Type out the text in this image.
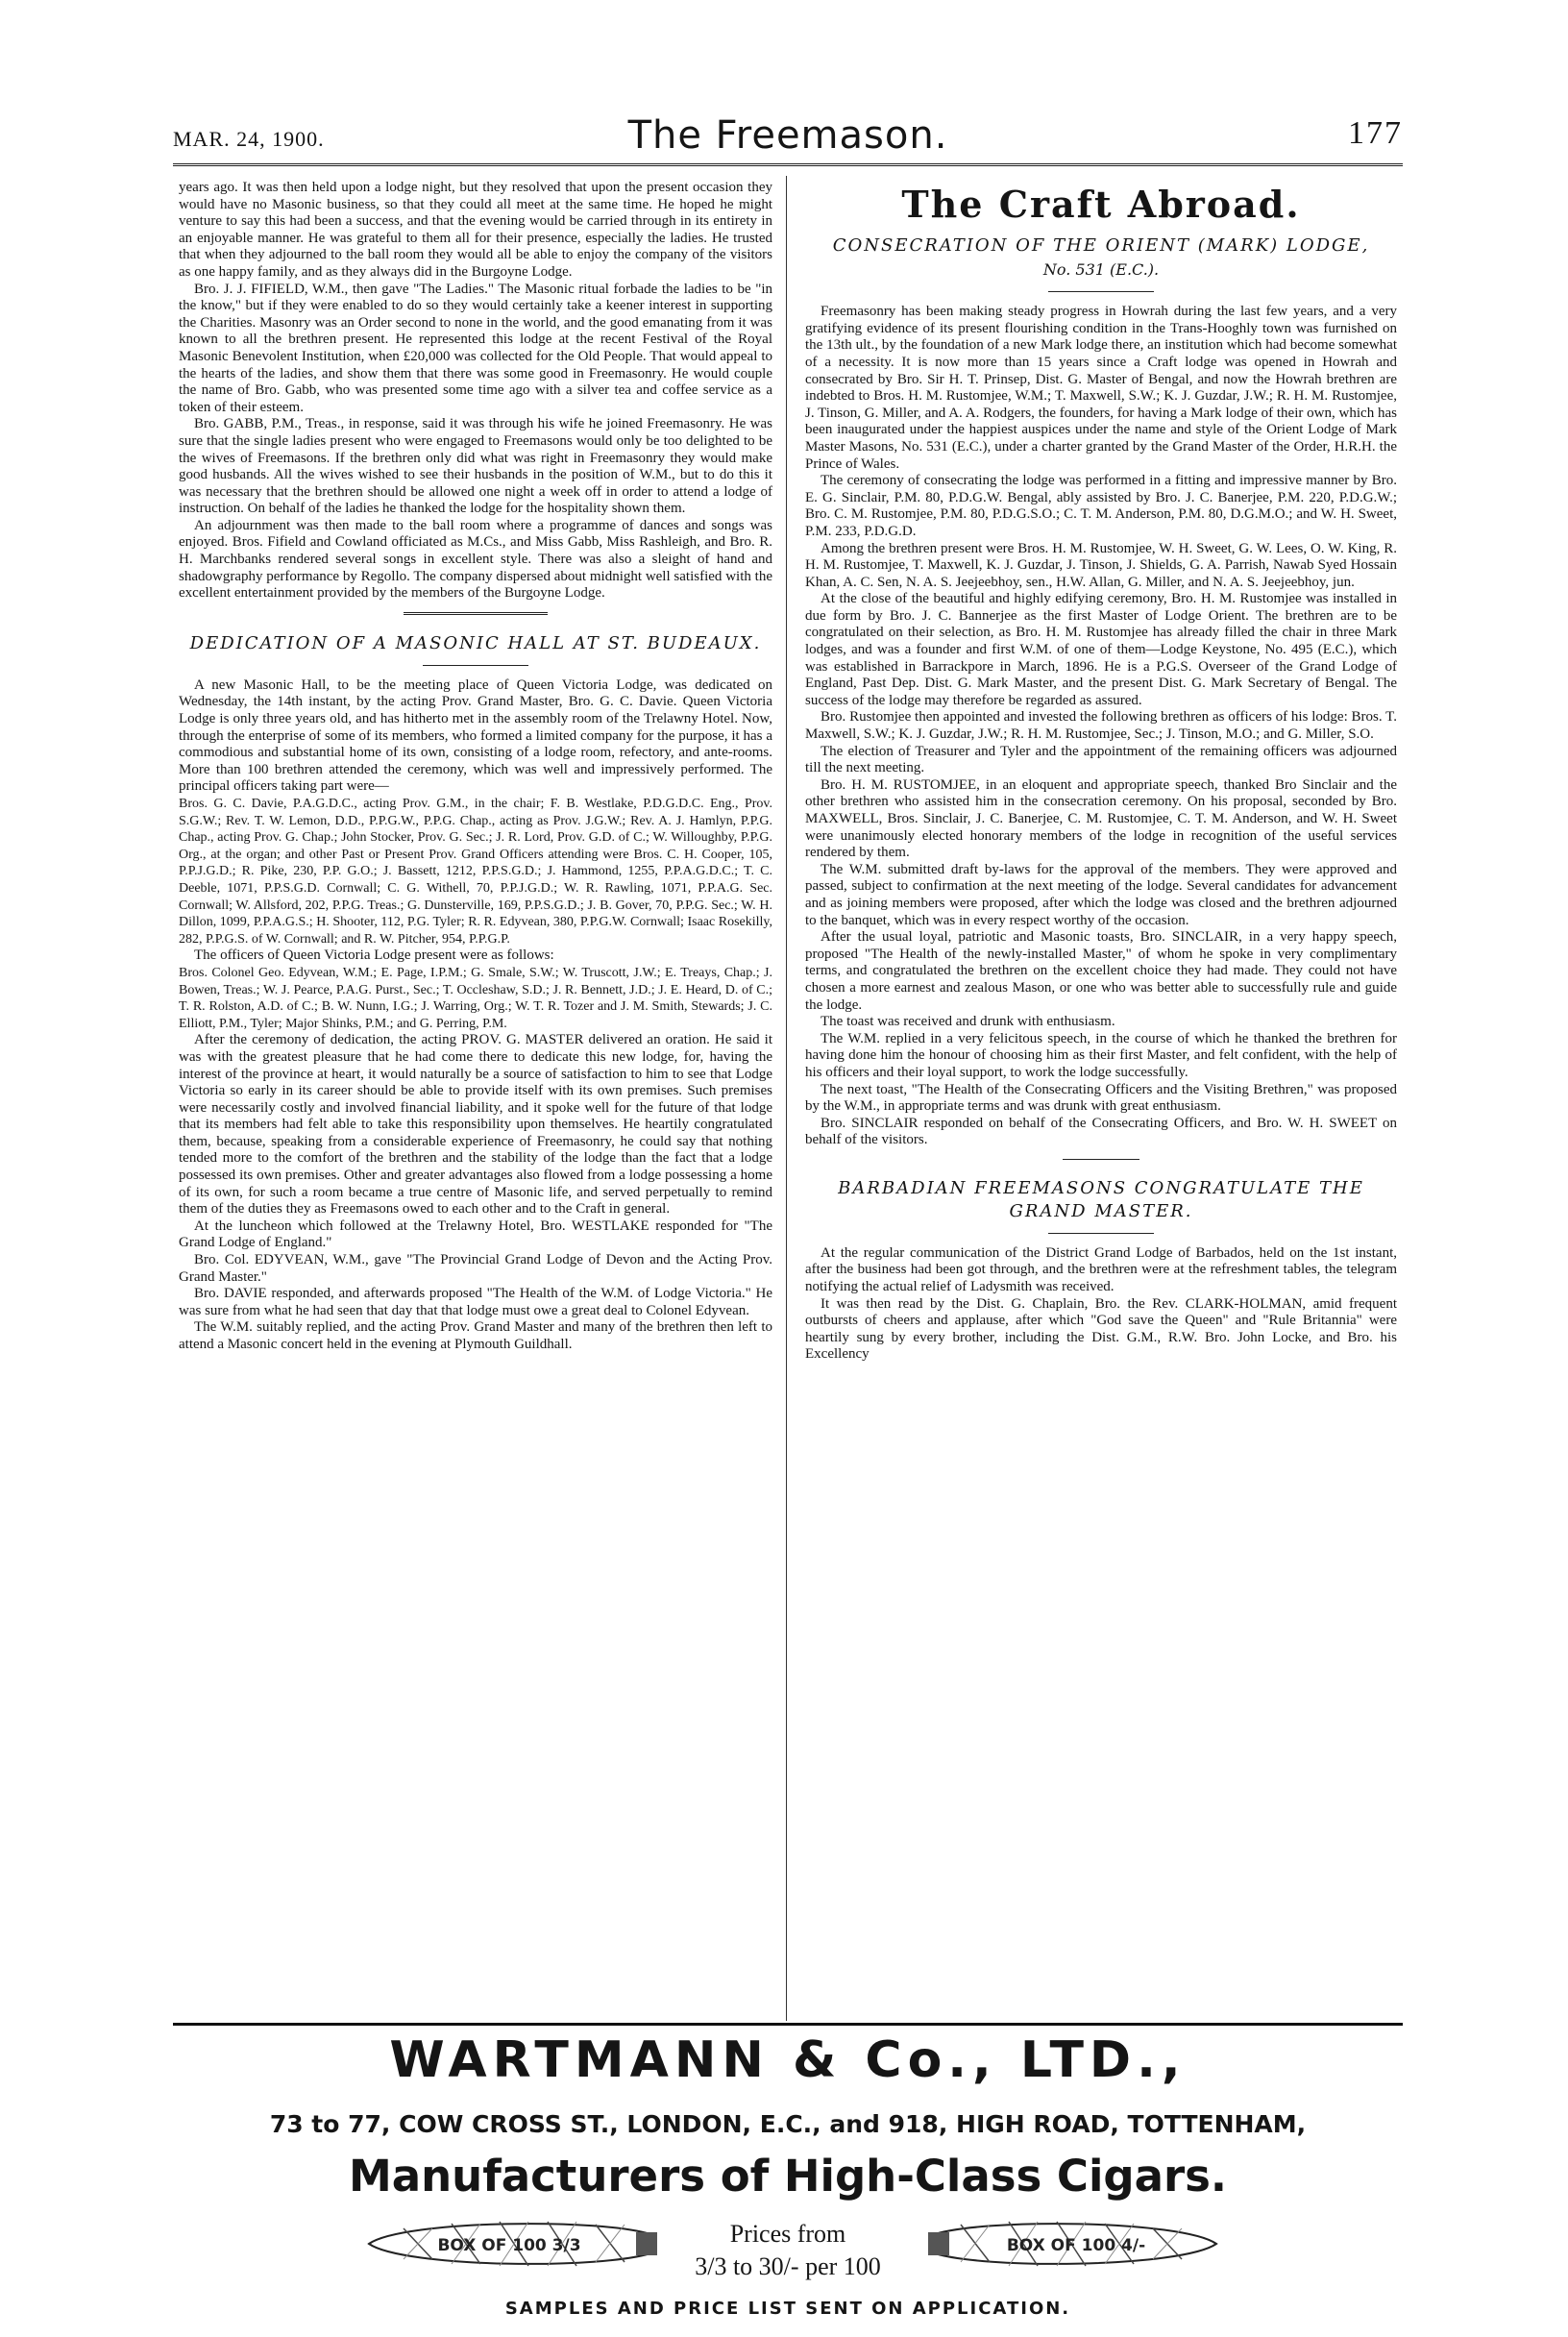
MAR. 24, 1900.	The Freemason.	177

years ago. It was then held upon a lodge night, but they resolved that upon the present occasion they would have no Masonic business, so that they could all meet at the same time. He hoped he might venture to say this had been a success, and that the evening would be carried through in its entirety in an enjoyable manner. He was grateful to them all for their presence, especially the ladies. He trusted that when they adjourned to the ball room they would all be able to enjoy the company of the visitors as one happy family, and as they always did in the Burgoyne Lodge.

Bro. J. J. FIFIELD, W.M., then gave "The Ladies." The Masonic ritual forbade the ladies to be "in the know," but if they were enabled to do so they would certainly take a keener interest in supporting the Charities. Masonry was an Order second to none in the world, and the good emanating from it was known to all the brethren present. He represented this lodge at the recent Festival of the Royal Masonic Benevolent Institution, when £20,000 was collected for the Old People. That would appeal to the hearts of the ladies, and show them that there was some good in Freemasonry. He would couple the name of Bro. Gabb, who was presented some time ago with a silver tea and coffee service as a token of their esteem.

Bro. GABB, P.M., Treas., in response, said it was through his wife he joined Freemasonry. He was sure that the single ladies present who were engaged to Freemasons would only be too delighted to be the wives of Freemasons. If the brethren only did what was right in Freemasonry they would make good husbands. All the wives wished to see their husbands in the position of W.M., but to do this it was necessary that the brethren should be allowed one night a week off in order to attend a lodge of instruction. On behalf of the ladies he thanked the lodge for the hospitality shown them.

An adjournment was then made to the ball room where a programme of dances and songs was enjoyed. Bros. Fifield and Cowland officiated as M.Cs., and Miss Gabb, Miss Rashleigh, and Bro. R. H. Marchbanks rendered several songs in excellent style. There was also a sleight of hand and shadowgraphy performance by Regollo. The company dispersed about midnight well satisfied with the excellent entertainment provided by the members of the Burgoyne Lodge.

DEDICATION OF A MASONIC HALL AT ST. BUDEAUX.

A new Masonic Hall, to be the meeting place of Queen Victoria Lodge, was dedicated on Wednesday, the 14th instant, by the acting Prov. Grand Master, Bro. G. C. Davie. Queen Victoria Lodge is only three years old, and has hitherto met in the assembly room of the Trelawny Hotel. Now, through the enterprise of some of its members, who formed a limited company for the purpose, it has a commodious and substantial home of its own, consisting of a lodge room, refectory, and ante-rooms. More than 100 brethren attended the ceremony, which was well and impressively performed. The principal officers taking part were—

Bros. G. C. Davie, P.A.G.D.C., acting Prov. G.M., in the chair; F. B. Westlake, P.D.G.D.C. Eng., Prov. S.G.W.; Rev. T. W. Lemon, D.D., P.P.G.W., P.P.G. Chap., acting as Prov. J.G.W.; Rev. A. J. Hamlyn, P.P.G. Chap., acting Prov. G. Chap.; John Stocker, Prov. G. Sec.; J. R. Lord, Prov. G.D. of C.; W. Willoughby, P.P.G. Org., at the organ; and other Past or Present Prov. Grand Officers attending were Bros. C. H. Cooper, 105, P.P.J.G.D.; R. Pike, 230, P.P. G.O.; J. Bassett, 1212, P.P.S.G.D.; J. Hammond, 1255, P.P.A.G.D.C.; T. C. Deeble, 1071, P.P.S.G.D. Cornwall; C. G. Withell, 70, P.P.J.G.D.; W. R. Rawling, 1071, P.P.A.G. Sec. Cornwall; W. Allsford, 202, P.P.G. Treas.; G. Dunsterville, 169, P.P.S.G.D.; J. B. Gover, 70, P.P.G. Sec.; W. H. Dillon, 1099, P.P.A.G.S.; H. Shooter, 112, P.G. Tyler; R. R. Edyvean, 380, P.P.G.W. Cornwall; Isaac Rosekilly, 282, P.P.G.S. of W. Cornwall; and R. W. Pitcher, 954, P.P.G.P.

The officers of Queen Victoria Lodge present were as follows:

Bros. Colonel Geo. Edyvean, W.M.; E. Page, I.P.M.; G. Smale, S.W.; W. Truscott, J.W.; E. Treays, Chap.; J. Bowen, Treas.; W. J. Pearce, P.A.G. Purst., Sec.; T. Occleshaw, S.D.; J. R. Bennett, J.D.; J. E. Heard, D. of C.; T. R. Rolston, A.D. of C.; B. W. Nunn, I.G.; J. Warring, Org.; W. T. R. Tozer and J. M. Smith, Stewards; J. C. Elliott, P.M., Tyler; Major Shinks, P.M.; and G. Perring, P.M.

After the ceremony of dedication, the acting PROV. G. MASTER delivered an oration. He said it was with the greatest pleasure that he had come there to dedicate this new lodge, for, having the interest of the province at heart, it would naturally be a source of satisfaction to him to see that Lodge Victoria so early in its career should be able to provide itself with its own premises. Such premises were necessarily costly and involved financial liability, and it spoke well for the future of that lodge that its members had felt able to take this responsibility upon themselves. He heartily congratulated them, because, speaking from a considerable experience of Freemasonry, he could say that nothing tended more to the comfort of the brethren and the stability of the lodge than the fact that a lodge possessed its own premises. Other and greater advantages also flowed from a lodge possessing a home of its own, for such a room became a true centre of Masonic life, and served perpetually to remind them of the duties they as Freemasons owed to each other and to the Craft in general.

At the luncheon which followed at the Trelawny Hotel, Bro. WESTLAKE responded for "The Grand Lodge of England."

Bro. Col. EDYVEAN, W.M., gave "The Provincial Grand Lodge of Devon and the Acting Prov. Grand Master."

Bro. DAVIE responded, and afterwards proposed "The Health of the W.M. of Lodge Victoria." He was sure from what he had seen that day that that lodge must owe a great deal to Colonel Edyvean.

The W.M. suitably replied, and the acting Prov. Grand Master and many of the brethren then left to attend a Masonic concert held in the evening at Plymouth Guildhall.

The Craft Abroad.
CONSECRATION OF THE ORIENT (MARK) LODGE,
No. 531 (E.C.).

Freemasonry has been making steady progress in Howrah during the last few years, and a very gratifying evidence of its present flourishing condition in the Trans-Hooghly town was furnished on the 13th ult., by the foundation of a new Mark lodge there, an institution which had become somewhat of a necessity. It is now more than 15 years since a Craft lodge was opened in Howrah and consecrated by Bro. Sir H. T. Prinsep, Dist. G. Master of Bengal, and now the Howrah brethren are indebted to Bros. H. M. Rustomjee, W.M.; T. Maxwell, S.W.; K. J. Guzdar, J.W.; R. H. M. Rustomjee, J. Tinson, G. Miller, and A. A. Rodgers, the founders, for having a Mark lodge of their own, which has been inaugurated under the happiest auspices under the name and style of the Orient Lodge of Mark Master Masons, No. 531 (E.C.), under a charter granted by the Grand Master of the Order, H.R.H. the Prince of Wales.

The ceremony of consecrating the lodge was performed in a fitting and impressive manner by Bro. E. G. Sinclair, P.M. 80, P.D.G.W. Bengal, ably assisted by Bro. J. C. Banerjee, P.M. 220, P.D.G.W.; Bro. C. M. Rustomjee, P.M. 80, P.D.G.S.O.; C. T. M. Anderson, P.M. 80, D.G.M.O.; and W. H. Sweet, P.M. 233, P.D.G.D.

Among the brethren present were Bros. H. M. Rustomjee, W. H. Sweet, G. W. Lees, O. W. King, R. H. M. Rustomjee, T. Maxwell, K. J. Guzdar, J. Tinson, J. Shields, G. A. Parrish, Nawab Syed Hossain Khan, A. C. Sen, N. A. S. Jeejeebhoy, sen., H.W. Allan, G. Miller, and N. A. S. Jeejeebhoy, jun.

At the close of the beautiful and highly edifying ceremony, Bro. H. M. Rustomjee was installed in due form by Bro. J. C. Bannerjee as the first Master of Lodge Orient. The brethren are to be congratulated on their selection, as Bro. H. M. Rustomjee has already filled the chair in three Mark lodges, and was a founder and first W.M. of one of them—Lodge Keystone, No. 495 (E.C.), which was established in Barrackpore in March, 1896. He is a P.G.S. Overseer of the Grand Lodge of England, Past Dep. Dist. G. Mark Master, and the present Dist. G. Mark Secretary of Bengal. The success of the lodge may therefore be regarded as assured.

Bro. Rustomjee then appointed and invested the following brethren as officers of his lodge: Bros. T. Maxwell, S.W.; K. J. Guzdar, J.W.; R. H. M. Rustomjee, Sec.; J. Tinson, M.O.; and G. Miller, S.O.

The election of Treasurer and Tyler and the appointment of the remaining officers was adjourned till the next meeting.

Bro. H. M. RUSTOMJEE, in an eloquent and appropriate speech, thanked Bro Sinclair and the other brethren who assisted him in the consecration ceremony. On his proposal, seconded by Bro. MAXWELL, Bros. Sinclair, J. C. Banerjee, C. M. Rustomjee, C. T. M. Anderson, and W. H. Sweet were unanimously elected honorary members of the lodge in recognition of the useful services rendered by them.

The W.M. submitted draft by-laws for the approval of the members. They were approved and passed, subject to confirmation at the next meeting of the lodge. Several candidates for advancement and as joining members were proposed, after which the lodge was closed and the brethren adjourned to the banquet, which was in every respect worthy of the occasion.

After the usual loyal, patriotic and Masonic toasts, Bro. SINCLAIR, in a very happy speech, proposed "The Health of the newly-installed Master," of whom he spoke in very complimentary terms, and congratulated the brethren on the excellent choice they had made. They could not have chosen a more earnest and zealous Mason, or one who was better able to successfully rule and guide the lodge.

The toast was received and drunk with enthusiasm.

The W.M. replied in a very felicitous speech, in the course of which he thanked the brethren for having done him the honour of choosing him as their first Master, and felt confident, with the help of his officers and their loyal support, to work the lodge successfully.

The next toast, "The Health of the Consecrating Officers and the Visiting Brethren," was proposed by the W.M., in appropriate terms and was drunk with great enthusiasm.

Bro. SINCLAIR responded on behalf of the Consecrating Officers, and Bro. W. H. SWEET on behalf of the visitors.

BARBADIAN FREEMASONS CONGRATULATE THE GRAND MASTER.

At the regular communication of the District Grand Lodge of Barbados, held on the 1st instant, after the business had been got through, and the brethren were at the refreshment tables, the telegram notifying the actual relief of Ladysmith was received.

It was then read by the Dist. G. Chaplain, Bro. the Rev. CLARK-HOLMAN, amid frequent outbursts of cheers and applause, after which "God save the Queen" and "Rule Britannia" were heartily sung by every brother, including the Dist. G.M., R.W. Bro. John Locke, and Bro. his Excellency

WARTMANN & Co., LTD.,
73 to 77, COW CROSS ST., LONDON, E.C., and 918, HIGH ROAD, TOTTENHAM,
Manufacturers of High-Class Cigars.
BOX OF 100 3/3	Prices from
3/3 to 30/- per 100
BOX OF 100 4/-
SAMPLES AND PRICE LIST SENT ON APPLICATION.
